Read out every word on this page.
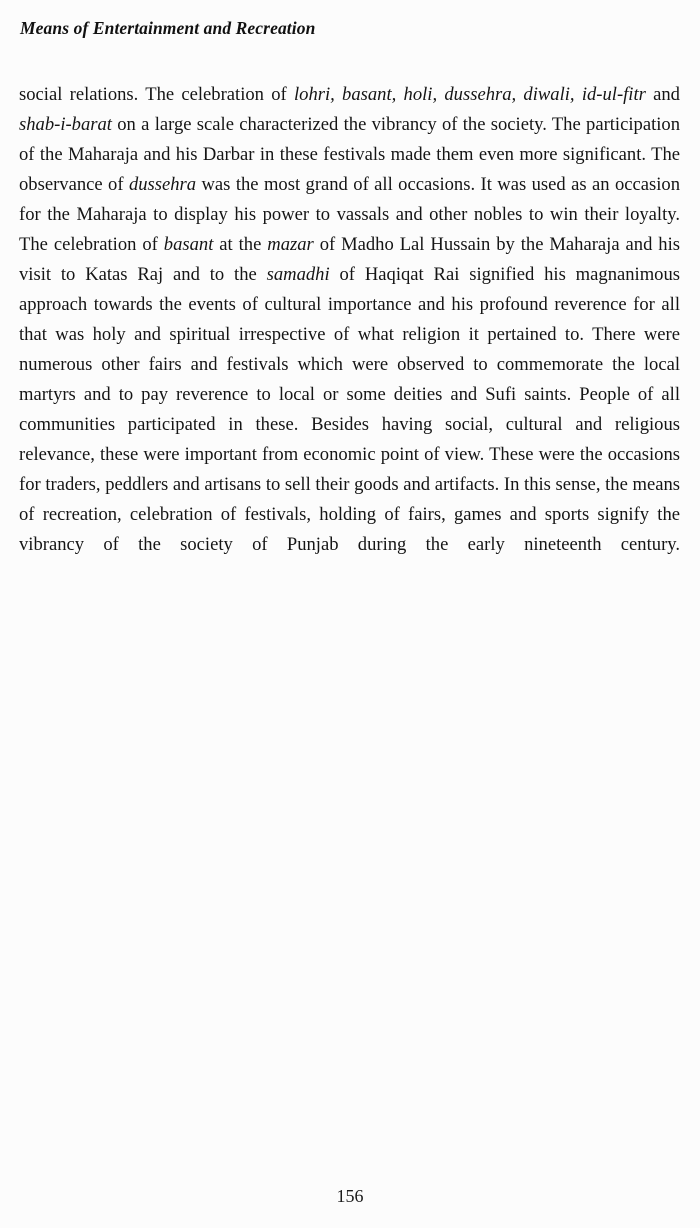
Means of Entertainment and Recreation

social relations. The celebration of lohri, basant, holi, dussehra, diwali, id-ul-fitr and shab-i-barat on a large scale characterized the vibrancy of the society. The participation of the Maharaja and his Darbar in these festivals made them even more significant. The observance of dussehra was the most grand of all occasions. It was used as an occasion for the Maharaja to display his power to vassals and other nobles to win their loyalty. The celebration of basant at the mazar of Madho Lal Hussain by the Maharaja and his visit to Katas Raj and to the samadhi of Haqiqat Rai signified his magnanimous approach towards the events of cultural importance and his profound reverence for all that was holy and spiritual irrespective of what religion it pertained to. There were numerous other fairs and festivals which were observed to commemorate the local martyrs and to pay reverence to local or some deities and Sufi saints. People of all communities participated in these. Besides having social, cultural and religious relevance, these were important from economic point of view. These were the occasions for traders, peddlers and artisans to sell their goods and artifacts. In this sense, the means of recreation, celebration of festivals, holding of fairs, games and sports signify the vibrancy of the society of Punjab during the early nineteenth century.

156
